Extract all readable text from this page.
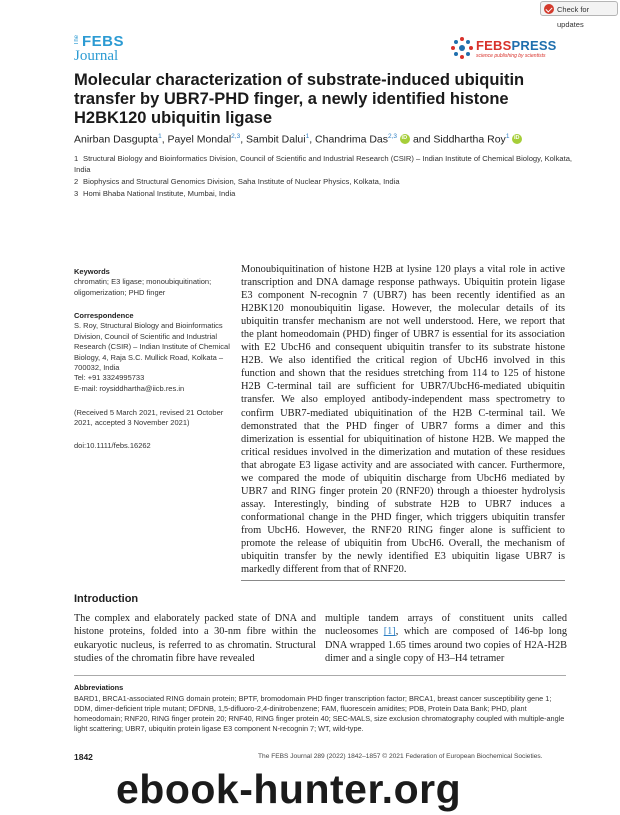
Check for updates
The FEBS
Journal
FEBSPRESS
science publishing by scientists
Molecular characterization of substrate-induced ubiquitin transfer by UBR7-PHD finger, a newly identified histone H2BK120 ubiquitin ligase
Anirban Dasgupta$^1$, Payel Mondal$^{2,3}$, Sambit Dalui$^1$, Chandrima Das$^{2,3}$iD and Siddhartha Roy$^1$iD
1 Structural Biology and Bioinformatics Division, Council of Scientific and Industrial Research (CSIR) – Indian Institute of Chemical Biology, Kolkata, India
2 Biophysics and Structural Genomics Division, Saha Institute of Nuclear Physics, Kolkata, India
3 Homi Bhaba National Institute, Mumbai, India
Keywords
chromatin; E3 ligase; monoubiquitination; oligomerization; PHD finger
Correspondence
S. Roy, Structural Biology and Bioinformatics Division, Council of Scientific and Industrial Research (CSIR) – Indian Institute of Chemical Biology, 4, Raja S.C. Mullick Road, Kolkata – 700032, India
Tel: +91 3324995733
E-mail: roysiddhartha@iicb.res.in
(Received 5 March 2021, revised 21 October 2021, accepted 3 November 2021)
doi:10.1111/febs.16262

Monoubiquitination of histone H2B at lysine 120 plays a vital role in active transcription and DNA damage response pathways. Ubiquitin protein ligase E3 component N-recognin 7 (UBR7) has been recently identified as an H2BK120 monoubiquitin ligase. However, the molecular details of its ubiquitin transfer mechanism are not well understood. Here, we report that the plant homeodomain (PHD) finger of UBR7 is essential for its association with E2 UbcH6 and consequent ubiquitin transfer to its substrate histone H2B. We also identified the critical region of UbcH6 involved in this function and shown that the residues stretching from 114 to 125 of histone H2B C-terminal tail are sufficient for UBR7/UbcH6-mediated ubiquitin transfer. We also employed antibody-independent mass spectrometry to confirm UBR7-mediated ubiquitination of the H2B C-terminal tail. We demonstrated that the PHD finger of UBR7 forms a dimer and this dimerization is essential for ubiquitination of histone H2B. We mapped the critical residues involved in the dimerization and mutation of these residues that abrogate E3 ligase activity and are associated with cancer. Furthermore, we compared the mode of ubiquitin discharge from UbcH6 mediated by UBR7 and RING finger protein 20 (RNF20) through a thioester hydrolysis assay. Interestingly, binding of substrate H2B to UBR7 induces a conformational change in the PHD finger, which triggers ubiquitin transfer from UbcH6. However, the RNF20 RING finger alone is sufficient to promote the release of ubiquitin from UbcH6. Overall, the mechanism of ubiquitin transfer by the newly identified E3 ubiquitin ligase UBR7 is markedly different from that of RNF20.

Introduction
The complex and elaborately packed state of DNA and histone proteins, folded into a 30-nm fibre within the eukaryotic nucleus, is referred to as chromatin. Structural studies of the chromatin fibre have revealed
multiple tandem arrays of constituent units called nucleosomes [1], which are composed of 146-bp long DNA wrapped 1.65 times around two copies of H2A-H2B dimer and a single copy of H3–H4 tetramer
Abbreviations
BARD1, BRCA1-associated RING domain protein; BPTF, bromodomain PHD finger transcription factor; BRCA1, breast cancer susceptibility gene 1; DDM, dimer-deficient triple mutant; DFDNB, 1,5-difluoro-2,4-dinitrobenzene; FAM, fluorescein amidites; PDB, Protein Data Bank; PHD, plant homeodomain; RNF20, RING finger protein 20; RNF40, RING finger protein 40; SEC-MALS, size exclusion chromatography coupled with multiple-angle light scattering; UBR7, ubiquitin protein ligase E3 component N-recognin 7; WT, wild-type.
1842	The FEBS Journal 289 (2022) 1842–1857 © 2021 Federation of European Biochemical Societies.
ebook-hunter.org
